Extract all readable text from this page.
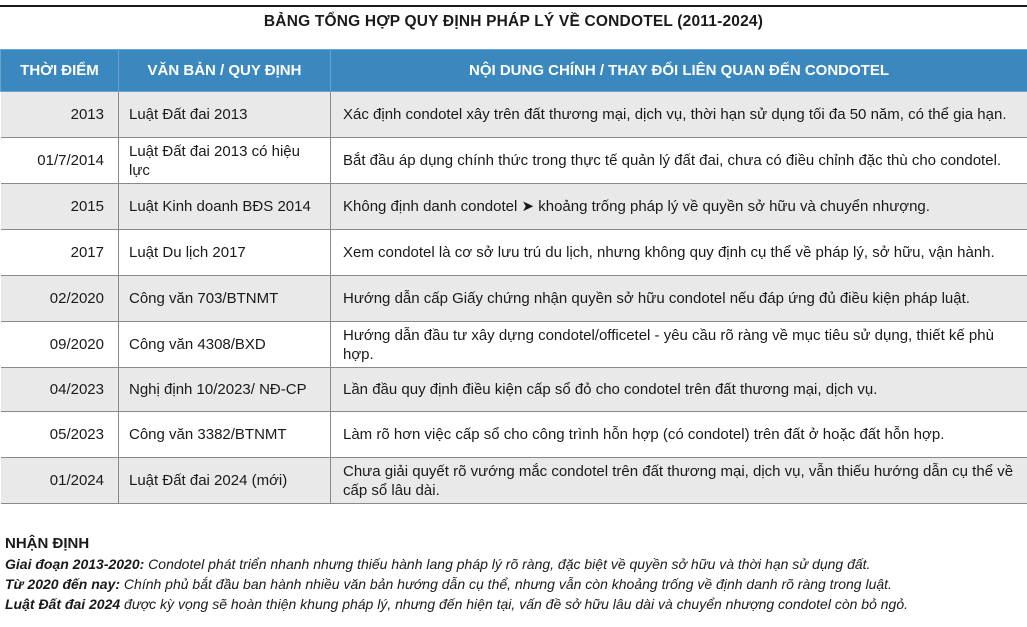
BẢNG TỔNG HỢP QUY ĐỊNH PHÁP LÝ VỀ CONDOTEL (2011-2024)
THỜI ĐIỂM	VĂN BẢN / QUY ĐỊNH	NỘI DUNG CHÍNH / THAY ĐỔI LIÊN QUAN ĐẾN CONDOTEL
2013	Luật Đất đai 2013	Xác định condotel xây trên đất thương mại, dịch vụ, thời hạn sử dụng tối đa 50 năm, có thể gia hạn.
01/7/2014	Luật Đất đai 2013 có hiệu lực	Bắt đầu áp dụng chính thức trong thực tế quản lý đất đai, chưa có điều chỉnh đặc thù cho condotel.
2015	Luật Kinh doanh BĐS 2014	Không định danh condotel ➤ khoảng trống pháp lý về quyền sở hữu và chuyển nhượng.
2017	Luật Du lịch 2017	Xem condotel là cơ sở lưu trú du lịch, nhưng không quy định cụ thể về pháp lý, sở hữu, vận hành.
02/2020	Công văn 703/BTNMT	Hướng dẫn cấp Giấy chứng nhận quyền sở hữu condotel nếu đáp ứng đủ điều kiện pháp luật.
09/2020	Công văn 4308/BXD	Hướng dẫn đầu tư xây dựng condotel/officetel - yêu cầu rõ ràng về mục tiêu sử dụng, thiết kế phù hợp.
04/2023	Nghị định 10/2023/ NĐ-CP	Lần đầu quy định điều kiện cấp sổ đỏ cho condotel trên đất thương mại, dịch vụ.
05/2023	Công văn 3382/BTNMT	Làm rõ hơn việc cấp sổ cho công trình hỗn hợp (có condotel) trên đất ở hoặc đất hỗn hợp.
01/2024	Luật Đất đai 2024 (mới)	Chưa giải quyết rõ vướng mắc condotel trên đất thương mại, dịch vụ, vẫn thiếu hướng dẫn cụ thể về cấp sổ lâu dài.
NHẬN ĐỊNH
Giai đoạn 2013-2020: Condotel phát triển nhanh nhưng thiếu hành lang pháp lý rõ ràng, đặc biệt về quyền sở hữu và thời hạn sử dụng đất.
Từ 2020 đến nay: Chính phủ bắt đầu ban hành nhiều văn bản hướng dẫn cụ thể, nhưng vẫn còn khoảng trống về định danh rõ ràng trong luật.
Luật Đất đai 2024 được kỳ vọng sẽ hoàn thiện khung pháp lý, nhưng đến hiện tại, vấn đề sở hữu lâu dài và chuyển nhượng condotel còn bỏ ngỏ.
